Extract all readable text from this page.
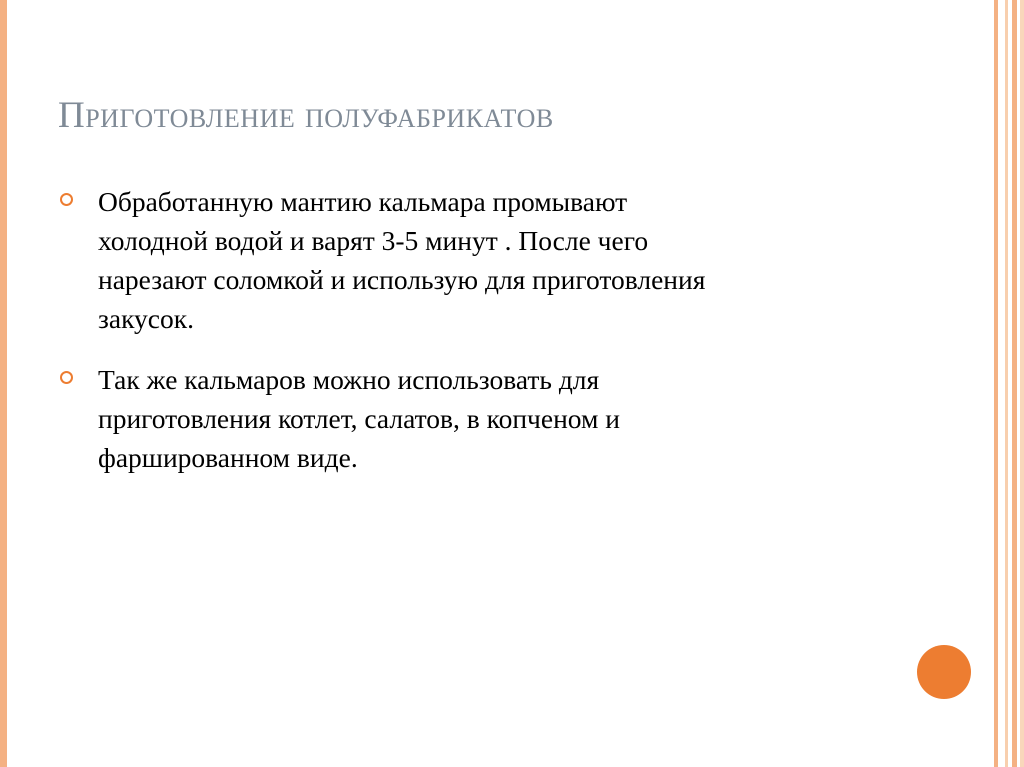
Приготовление полуфабрикатов
Обработанную мантию кальмара промывают холодной водой и варят 3-5 минут . После чего нарезают соломкой и использую для приготовления закусок.
Так же кальмаров можно использовать для приготовления котлет, салатов, в копченом и фаршированном виде.
